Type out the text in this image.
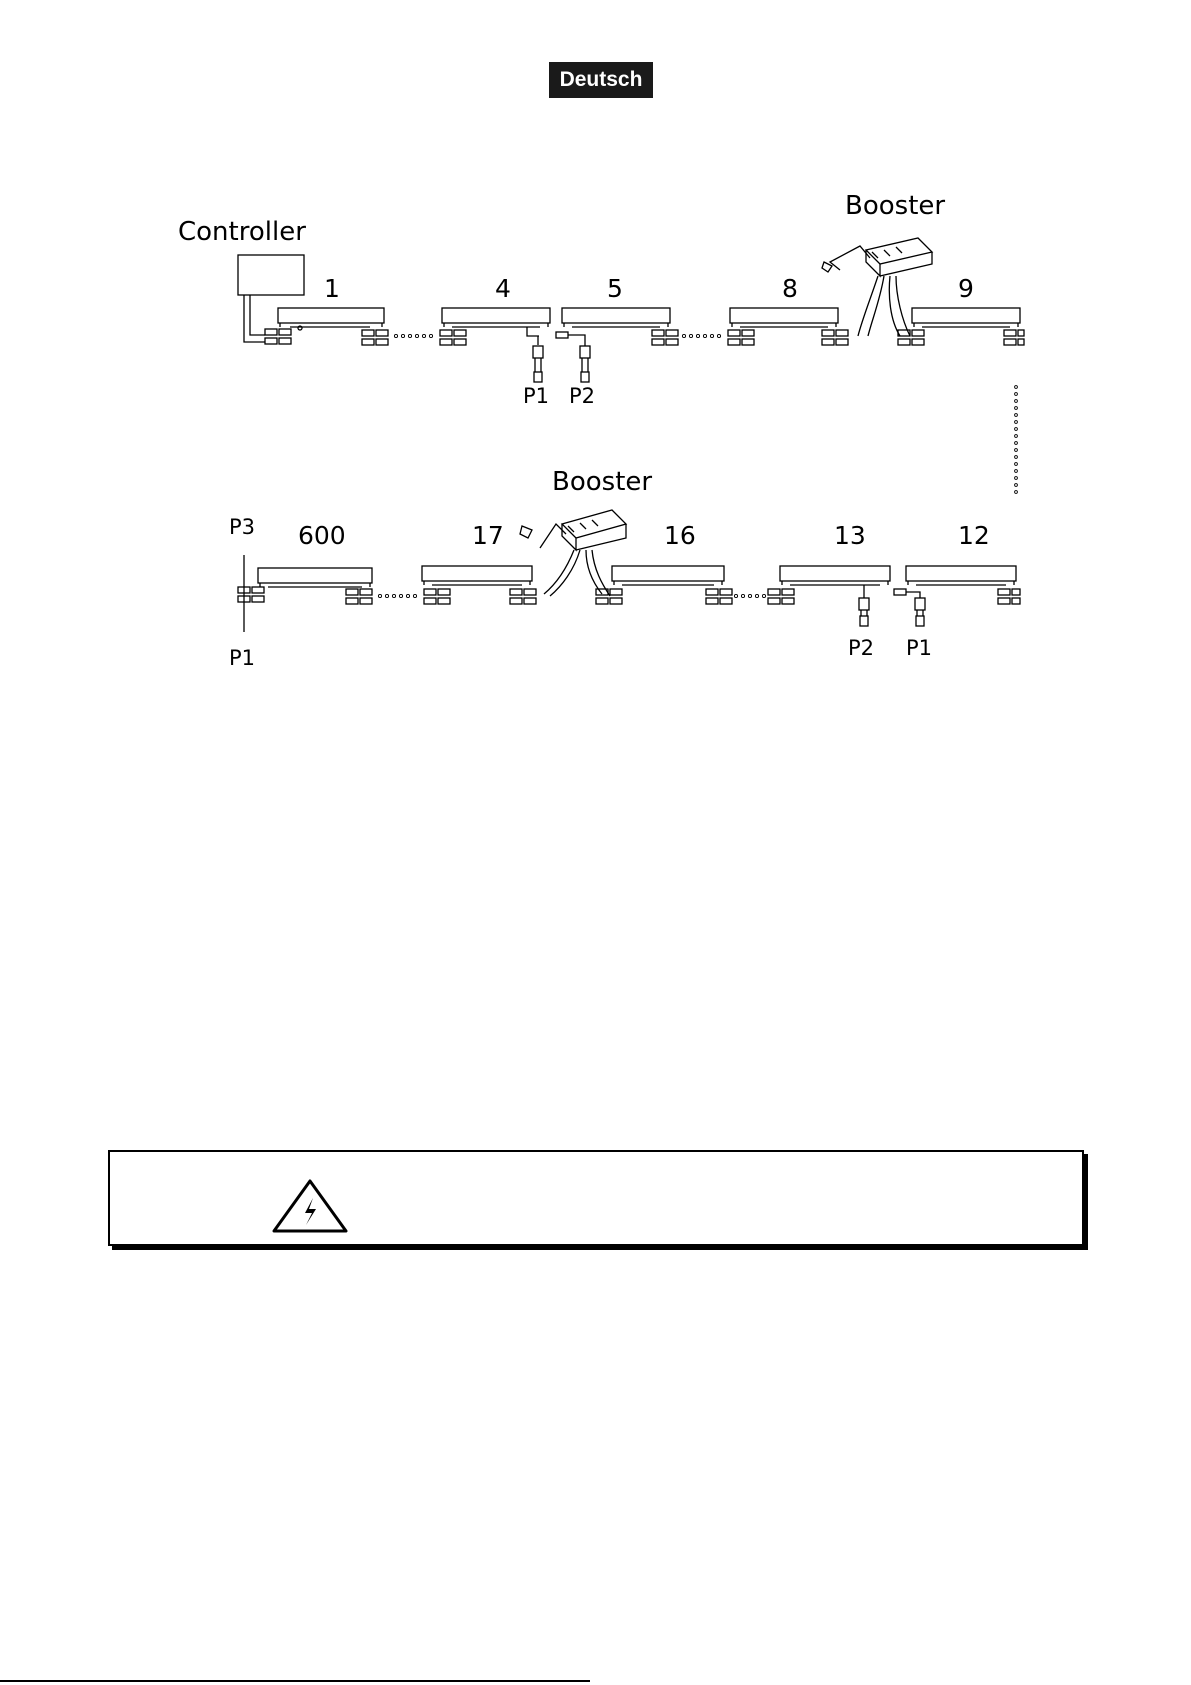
Deutsch
Controller
Booster
Booster
1	4	5	8	9
P1 P2
600	17	16	13	12
P3
P1	P2 P1
